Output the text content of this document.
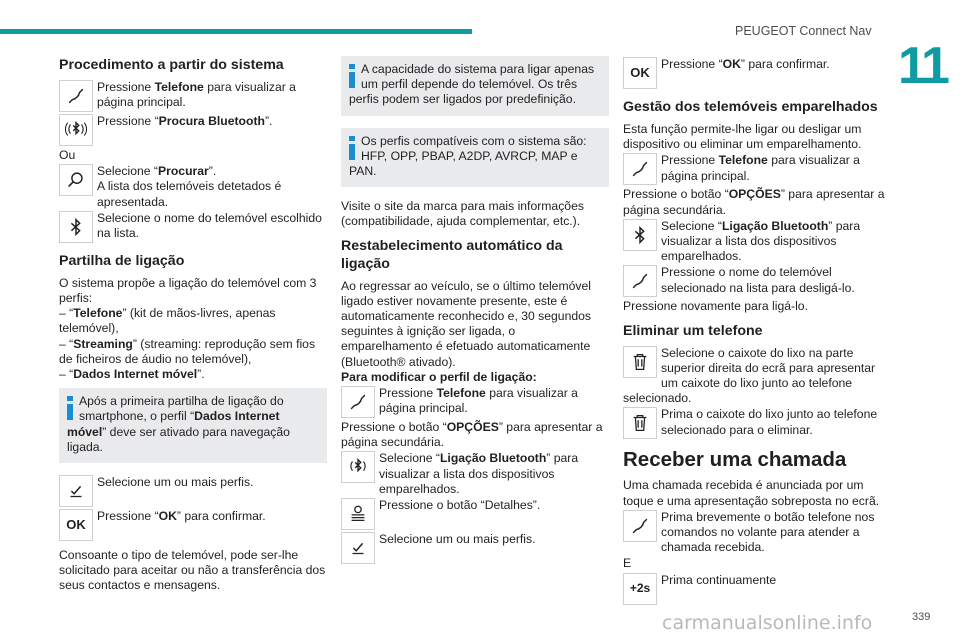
PEUGEOT Connect Nav
11
Procedimento a partir do sistema

Pressione Telefone para visualizar a página principal.

Pressione “Procura Bluetooth”.

Ou

Selecione “Procurar”.
A lista dos telemóveis detetados é apresentada.

Selecione o nome do telemóvel escolhido na lista.

Partilha de ligação

O sistema propõe a ligação do telemóvel com 3 perfis:

– “Telefone” (kit de mãos-livres, apenas telemóvel),

– “Streaming” (streaming: reprodução sem fios de ficheiros de áudio no telemóvel),

– “Dados Internet móvel”.

Após a primeira partilha de ligação do smartphone, o perfil “Dados Internet móvel” deve ser ativado para navegação ligada.

Selecione um ou mais perfis.

OK

Pressione “OK” para confirmar.

Consoante o tipo de telemóvel, pode ser-lhe solicitado para aceitar ou não a transferência dos seus contactos e mensagens.

A capacidade do sistema para ligar apenas um perfil depende do telemóvel. Os três perfis podem ser ligados por predefinição.

Os perfis compatíveis com o sistema são: HFP, OPP, PBAP, A2DP, AVRCP, MAP e PAN.

Visite o site da marca para mais informações (compatibilidade, ajuda complementar, etc.).

Restabelecimento automático da ligação

Ao regressar ao veículo, se o último telemóvel ligado estiver novamente presente, este é automaticamente reconhecido e, 30 segundos seguintes à ignição ser ligada, o emparelhamento é efetuado automaticamente (Bluetooth® ativado).

Para modificar o perfil de ligação:

Pressione Telefone para visualizar a página principal.

Pressione o botão “OPÇÕES” para apresentar a página secundária.

Selecione “Ligação Bluetooth” para visualizar a lista dos dispositivos emparelhados.

Pressione o botão “Detalhes”.

Selecione um ou mais perfis.

OK

Pressione “OK” para confirmar.

Gestão dos telemóveis emparelhados

Esta função permite-lhe ligar ou desligar um dispositivo ou eliminar um emparelhamento.

Pressione Telefone para visualizar a página principal.

Pressione o botão “OPÇÕES” para apresentar a página secundária.

Selecione “Ligação Bluetooth” para visualizar a lista dos dispositivos emparelhados.

Pressione o nome do telemóvel selecionado na lista para desligá-lo.

Pressione novamente para ligá-lo.

Eliminar um telefone

Selecione o caixote do lixo na parte superior direita do ecrã para apresentar um caixote do lixo junto ao telefone selecionado.

Prima o caixote do lixo junto ao telefone selecionado para o eliminar.

Receber uma chamada

Uma chamada recebida é anunciada por um toque e uma apresentação sobreposta no ecrã.

Prima brevemente o botão telefone nos comandos no volante para atender a chamada recebida.

E

+2s

Prima continuamente

carmanualsonline.info	339
